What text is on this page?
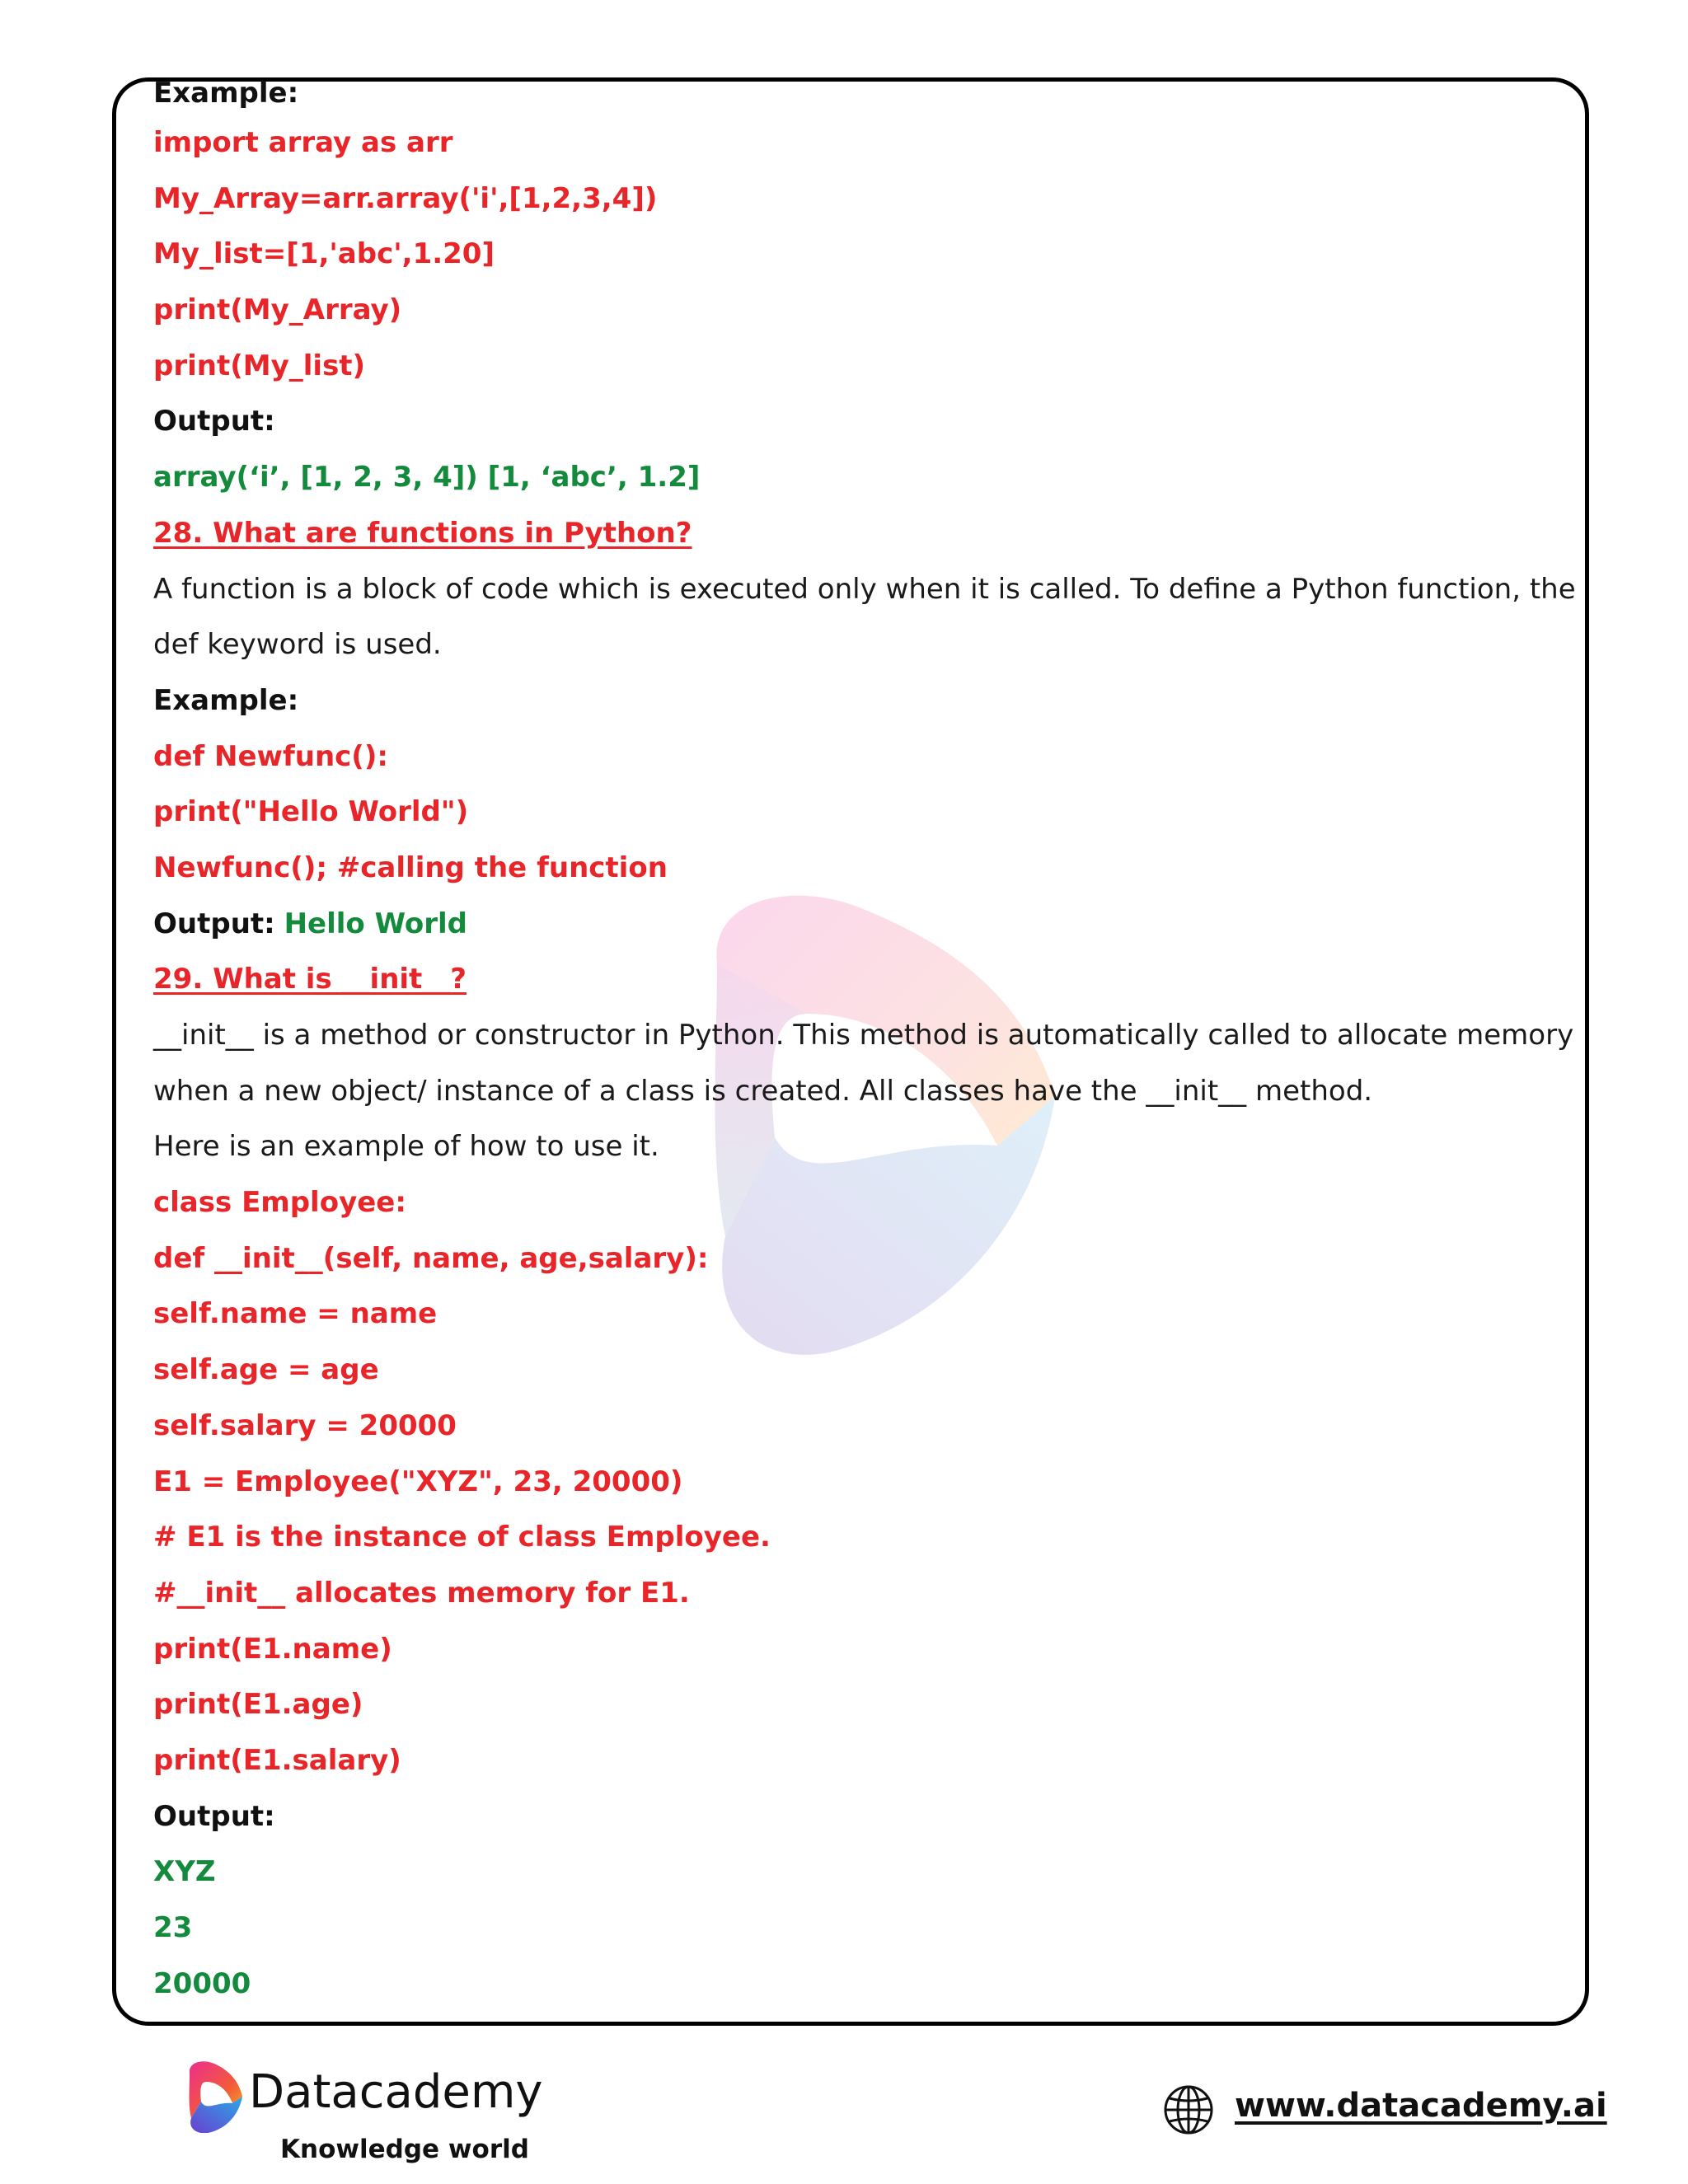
Example:
import array as arr
My_Array=arr.array('i',[1,2,3,4])
My_list=[1,'abc',1.20]
print(My_Array)
print(My_list)
Output:
array(‘i’, [1, 2, 3, 4]) [1, ‘abc’, 1.2]
28. What are functions in Python?
A function is a block of code which is executed only when it is called. To define a Python function, the
def keyword is used.
Example:
def Newfunc():
print("Hello World")
Newfunc(); #calling the function
Output: Hello World
29. What is __init__?
__init__ is a method or constructor in Python. This method is automatically called to allocate memory
when a new object/ instance of a class is created. All classes have the __init__ method.
Here is an example of how to use it.
class Employee:
def __init__(self, name, age,salary):
self.name = name
self.age = age
self.salary = 20000
E1 = Employee("XYZ", 23, 20000)
# E1 is the instance of class Employee.
#__init__ allocates memory for E1.
print(E1.name)
print(E1.age)
print(E1.salary)
Output:
XYZ
23
20000
Datacademy
Knowledge world
www.datacademy.ai
